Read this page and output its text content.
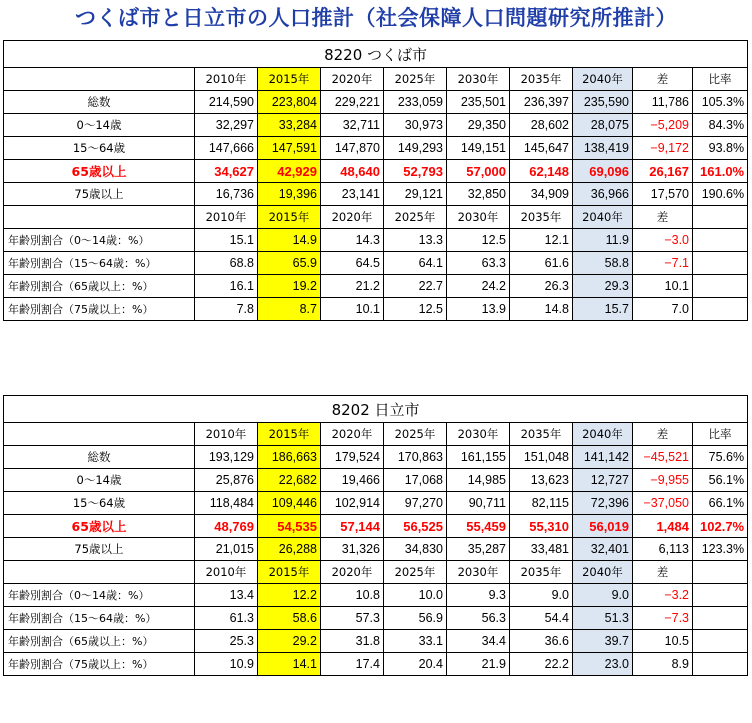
つくば市と日立市の人口推計（社会保障人口問題研究所推計）
8220 つくば市									
	2010年	2015年	2020年	2025年	2030年	2035年	2040年	差	比率
総数	214,590	223,804	229,221	233,059	235,501	236,397	235,590	11,786	105.3%
0～14歳	32,297	33,284	32,711	30,973	29,350	28,602	28,075	−5,209	84.3%
15～64歳	147,666	147,591	147,870	149,293	149,151	145,647	138,419	−9,172	93.8%
65歳以上	34,627	42,929	48,640	52,793	57,000	62,148	69,096	26,167	161.0%
75歳以上	16,736	19,396	23,141	29,121	32,850	34,909	36,966	17,570	190.6%
	2010年	2015年	2020年	2025年	2030年	2035年	2040年	差	
年齢別割合（0～14歳：%）	15.1	14.9	14.3	13.3	12.5	12.1	11.9	−3.0	
年齢別割合（15～64歳：%）	68.8	65.9	64.5	64.1	63.3	61.6	58.8	−7.1	
年齢別割合（65歳以上：%）	16.1	19.2	21.2	22.7	24.2	26.3	29.3	10.1	
年齢別割合（75歳以上：%）	7.8	8.7	10.1	12.5	13.9	14.8	15.7	7.0	
8202 日立市									
	2010年	2015年	2020年	2025年	2030年	2035年	2040年	差	比率
総数	193,129	186,663	179,524	170,863	161,155	151,048	141,142	−45,521	75.6%
0～14歳	25,876	22,682	19,466	17,068	14,985	13,623	12,727	−9,955	56.1%
15～64歳	118,484	109,446	102,914	97,270	90,711	82,115	72,396	−37,050	66.1%
65歳以上	48,769	54,535	57,144	56,525	55,459	55,310	56,019	1,484	102.7%
75歳以上	21,015	26,288	31,326	34,830	35,287	33,481	32,401	6,113	123.3%
	2010年	2015年	2020年	2025年	2030年	2035年	2040年	差	
年齢別割合（0～14歳：%）	13.4	12.2	10.8	10.0	9.3	9.0	9.0	−3.2	
年齢別割合（15～64歳：%）	61.3	58.6	57.3	56.9	56.3	54.4	51.3	−7.3	
年齢別割合（65歳以上：%）	25.3	29.2	31.8	33.1	34.4	36.6	39.7	10.5	
年齢別割合（75歳以上：%）	10.9	14.1	17.4	20.4	21.9	22.2	23.0	8.9	
